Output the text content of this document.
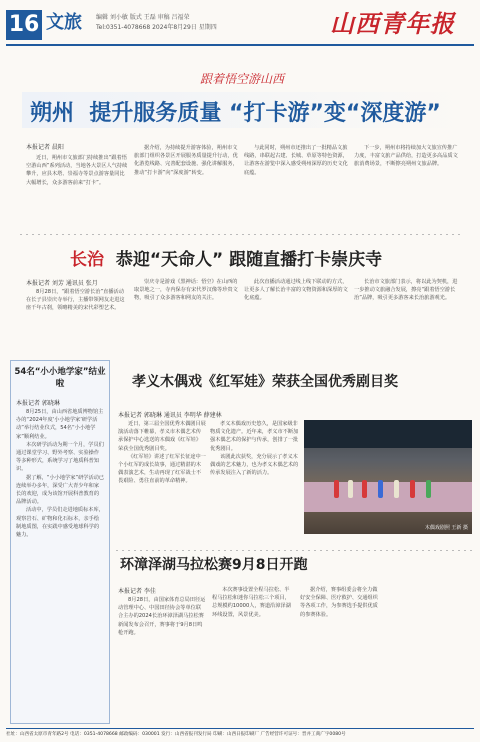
16 文旅 编辑 刘小敏 版式 王磊 审稿 吕福荣
Tel:0351-4078668 2024年8月29日 星期四	山西青年报
跟着悟空游山西
朔州 提升服务质量 “打卡游”变“深度游”
本报记者 晨阳

近日，朔州市文旅部门持续推出“跟着悟空游山西”系列活动，当地各大景区人气持续攀升，应县木塔、崇福寺等景点游客量同比大幅增长，众多游客前来“打卡”。

据介绍，为持续提升游客体验，朔州市文旅部门组织各景区开展服务质量提升行动，优化游览线路、完善配套设施、强化讲解服务，推动“打卡游”向“深度游”转变。

与此同时，朔州市还推出了一批精品文旅线路，串联起古建、长城、草原等特色资源，让游客在游览中深入感受朔州深厚的历史文化底蕴。

下一步，朔州市将持续加大文旅宣传推广力度，丰富文旅产品供给，打造更多高品质文旅消费场景，不断擦亮朔州文旅品牌。

长治 恭迎“天命人” 跟随直播打卡崇庆寺
本报记者 刘芳 通讯员 张月

8月28日，“跟着悟空游长治”直播活动在长子县崇庆寺举行，主播带领网友走进这座千年古刹，领略精美的宋代彩塑艺术。

崇庆寺是游戏《黑神话：悟空》在山西的取景地之一，寺内保存有宋代罗汉像等珍贵文物，吸引了众多游客和网友的关注。

此次直播活动通过线上线下联动的方式，让更多人了解长治丰富的文物资源和深厚的文化底蕴。

长治市文旅部门表示，将以此为契机，进一步推动文旅融合发展，擦亮“跟着悟空游长治”品牌，吸引更多游客来长治旅游观光。

54名“小小地学家”结业啦
本报记者 郭晓琳

8月25日，由山西省地质博物馆主办的“2024年度‘小小地学家’研学活动”举行结业仪式，54名“小小地学家”顺利结业。

本次研学活动为期一个月，学员们通过课堂学习、野外考察、实验操作等多种形式，系统学习了地质科普知识。

据了解，“小小地学家”研学活动已连续举办多年，深受广大青少年和家长的欢迎，成为该馆开展科普教育的品牌活动。

活动中，学员们走进地质标本库，观察岩石、矿物和化石标本，亲手绘制地质图，在实践中感受地球科学的魅力。

孝义木偶戏《红军娃》荣获全国优秀剧目奖
本报记者 郭晓琳 通讯员 李明华 薛建林

近日，第三届全国优秀木偶剧目展演活动落下帷幕，孝义市木偶艺术传承保护中心选送的木偶戏《红军娃》荣获全国优秀剧目奖。

《红军娃》讲述了红军长征途中一个小红军的成长故事，通过精湛的木偶表演艺术，生动再现了红军战士不畏艰险、勇往直前的革命精神。

孝义木偶戏历史悠久，是国家级非物质文化遗产。近年来，孝义市不断加强木偶艺术的保护与传承，创排了一批优秀剧目。

该剧此次获奖，充分展示了孝义木偶戏的艺术魅力，也为孝义木偶艺术的传承发展注入了新的活力。

木偶戏剧照 王新 摄
环漳泽湖马拉松赛9月8日开跑
本报记者 李佳

8月28日，由国家体育总局田径运动管理中心、中国田径协会等单位联合主办的2024长治环漳泽湖马拉松赛新闻发布会召开，赛事将于9月8日鸣枪开跑。

本次赛事设置全程马拉松、半程马拉松和迷你马拉松三个项目，总规模约10000人，赛道沿漳泽湖环线设置，风景优美。

据介绍，赛事组委会将全力做好安全保障、医疗救护、交通组织等各项工作，为参赛选手提供优质的参赛体验。

社址：山西省太原市青年路2号 电话：0351-4078668 邮政编码：030001 发行：山西省报刊发行局 印刷：山西日报印刷厂 广告经营许可证号：晋并工商广字0080号
